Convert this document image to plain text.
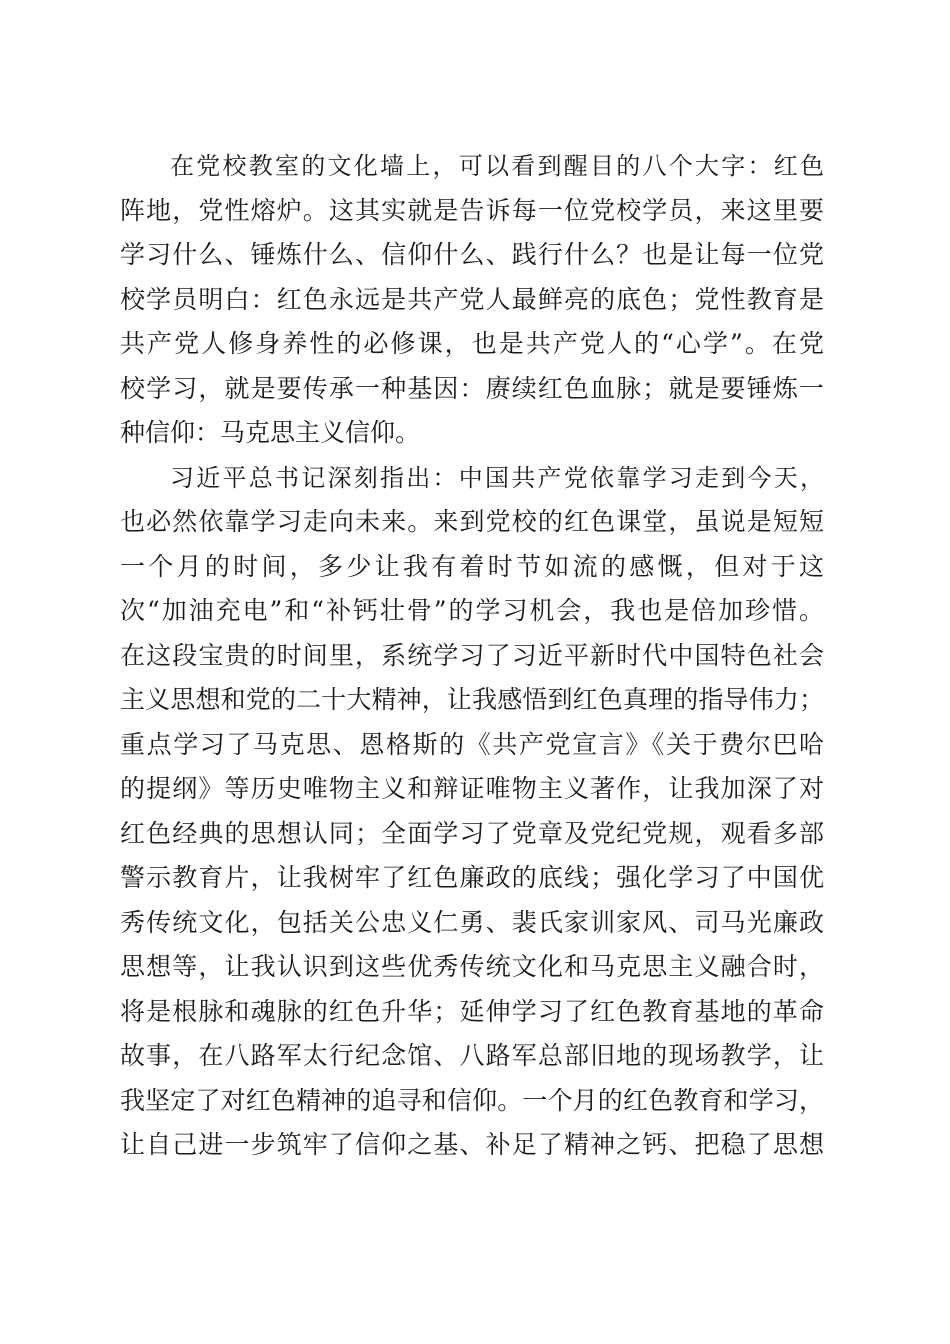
在党校教室的文化墙上，可以看到醒目的八个大字：红色
阵地，党性熔炉。这其实就是告诉每一位党校学员，来这里要
学习什么、锤炼什么、信仰什么、践行什么？也是让每一位党
校学员明白：红色永远是共产党人最鲜亮的底色；党性教育是
共产党人修身养性的必修课，也是共产党人的“心学”。在党
校学习，就是要传承一种基因：赓续红色血脉；就是要锤炼一
种信仰：马克思主义信仰。
习近平总书记深刻指出：中国共产党依靠学习走到今天，
也必然依靠学习走向未来。来到党校的红色课堂，虽说是短短
一个月的时间，多少让我有着时节如流的感慨，但对于这
次“加油充电”和“补钙壮骨”的学习机会，我也是倍加珍惜。
在这段宝贵的时间里，系统学习了习近平新时代中国特色社会
主义思想和党的二十大精神，让我感悟到红色真理的指导伟力；
重点学习了马克思、恩格斯的《共产党宣言》《关于费尔巴哈
的提纲》等历史唯物主义和辩证唯物主义著作，让我加深了对
红色经典的思想认同；全面学习了党章及党纪党规，观看多部
警示教育片，让我树牢了红色廉政的底线；强化学习了中国优
秀传统文化，包括关公忠义仁勇、裴氏家训家风、司马光廉政
思想等，让我认识到这些优秀传统文化和马克思主义融合时，
将是根脉和魂脉的红色升华；延伸学习了红色教育基地的革命
故事，在八路军太行纪念馆、八路军总部旧地的现场教学，让
我坚定了对红色精神的追寻和信仰。一个月的红色教育和学习，
让自己进一步筑牢了信仰之基、补足了精神之钙、把稳了思想
